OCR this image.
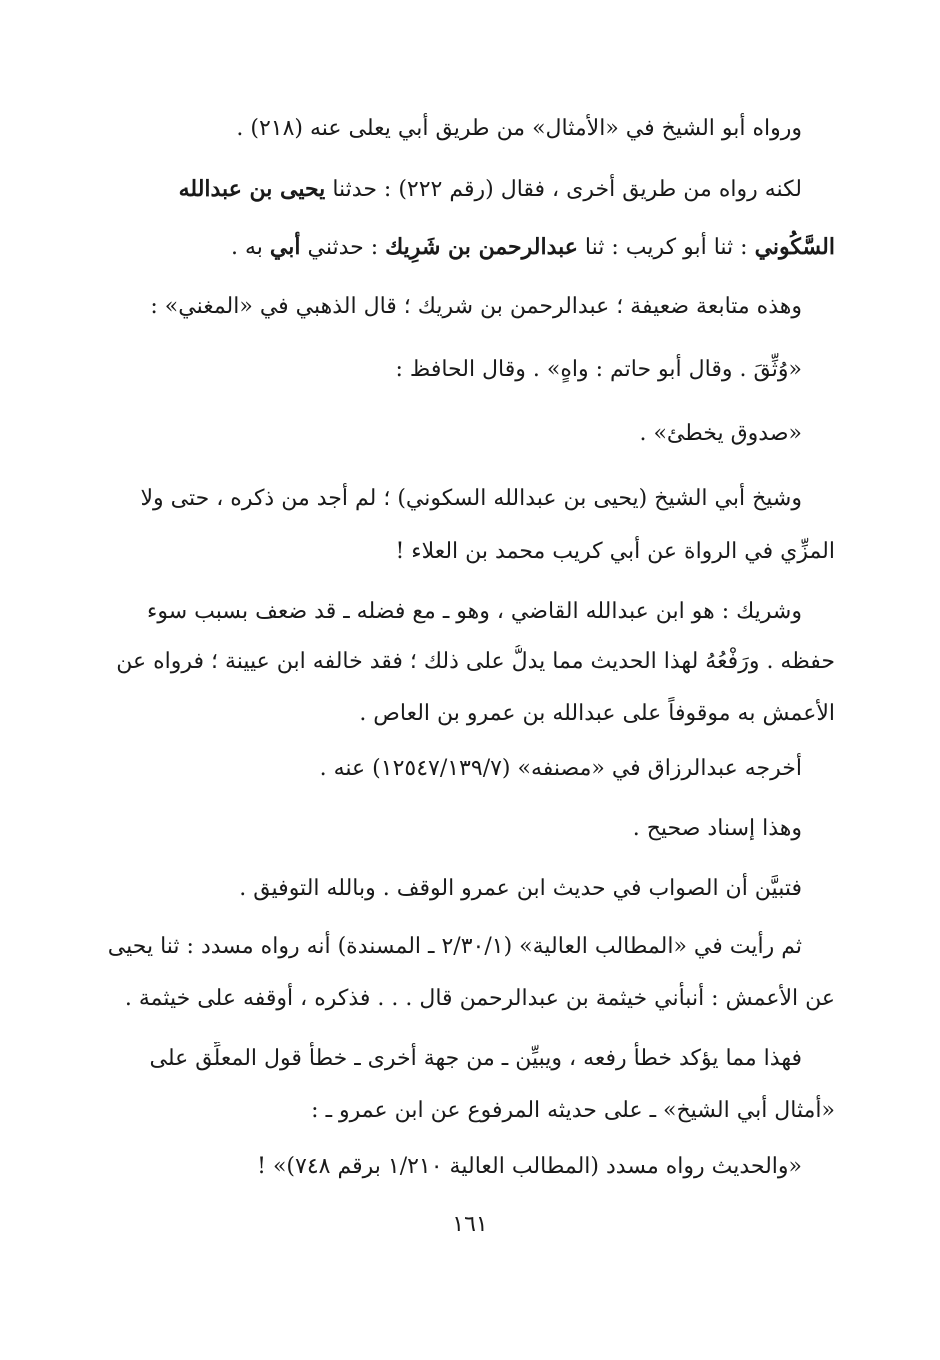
ورواه أبو الشيخ في «الأمثال» من طريق أبي يعلى عنه (٢١٨) .
لكنه رواه من طريق أخرى ، فقال (رقم ٢٢٢) : حدثنا يحيى بن عبدالله
السَّكُوني : ثنا أبو كريب : ثنا عبدالرحمن بن شَرِيك : حدثني أبي به .
وهذه متابعة ضعيفة ؛ عبدالرحمن بن شريك ؛ قال الذهبي في «المغني» :
«وُثِّقَ . وقال أبو حاتم : واهٍ» . وقال الحافظ :
«صدوق يخطئ» .
وشيخ أبي الشيخ (يحيى بن عبدالله السكوني) ؛ لم أجد من ذكره ، حتى ولا
المزِّي في الرواة عن أبي كريب محمد بن العلاء !
وشريك : هو ابن عبدالله القاضي ، وهو ـ مع فضله ـ قد ضعف بسبب سوء
حفظه . ورَفْعُهُ لهذا الحديث مما يدلُّ على ذلك ؛ فقد خالفه ابن عيينة ؛ فرواه عن
الأعمش به موقوفاً على عبدالله بن عمرو بن العاص .
أخرجه عبدالرزاق في «مصنفه» (١٢٥٤٧/١٣٩/٧) عنه .
وهذا إسناد صحيح .
فتبيَّن أن الصواب في حديث ابن عمرو الوقف . وبالله التوفيق .
ثم رأيت في «المطالب العالية» (٢/٣٠/١ ـ المسندة) أنه رواه مسدد : ثنا يحيى
عن الأعمش : أنبأني خيثمة بن عبدالرحمن قال . . . فذكره ، أوقفه على خيثمة .
فهذا مما يؤكد خطأ رفعه ، ويبيِّن ـ من جهة أخرى ـ خطأ قول المعلِّق على
«أمثال أبي الشيخ» ـ على حديثه المرفوع عن ابن عمرو ـ :
«والحديث رواه مسدد (المطالب العالية ١/٢١٠ برقم ٧٤٨)» !
١٦١
